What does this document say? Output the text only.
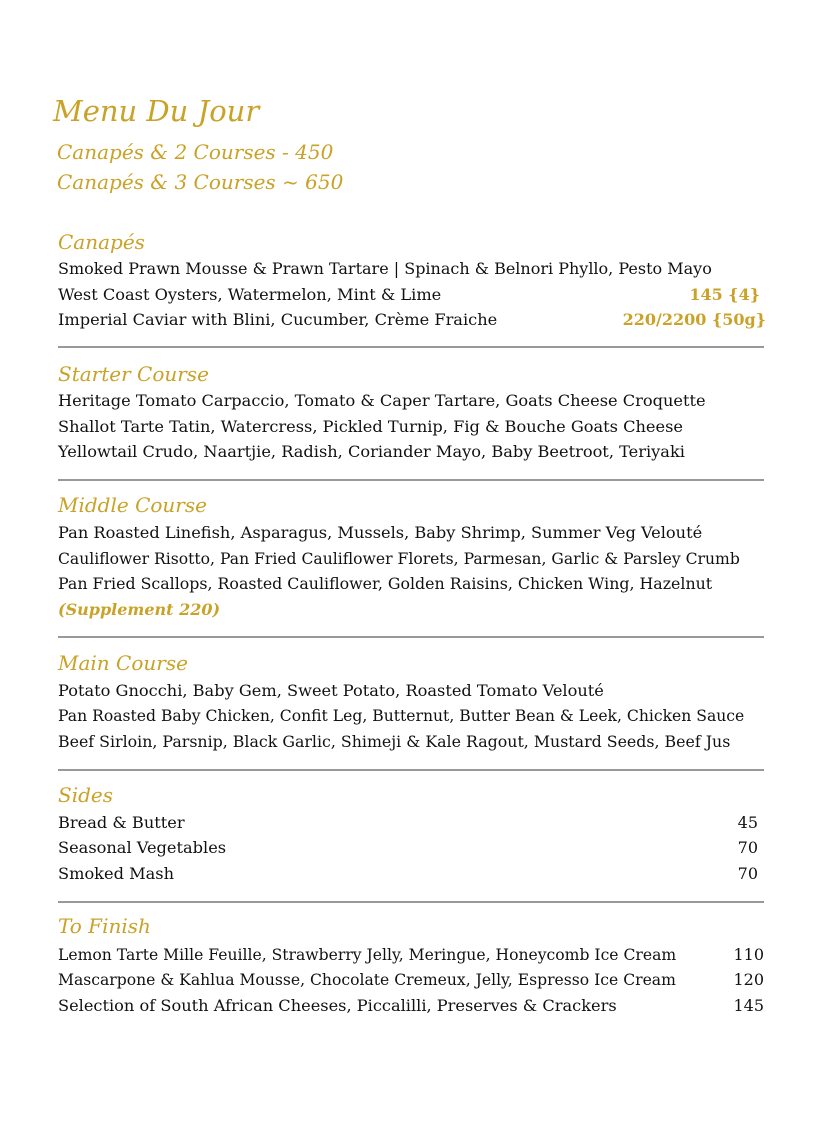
Menu Du Jour
Canapés & 2 Courses - 450
Canapés & 3 Courses ~ 650
Canapés
Smoked Prawn Mousse & Prawn Tartare | Spinach & Belnori Phyllo, Pesto Mayo
West Coast Oysters, Watermelon, Mint & Lime	145 {4}
Imperial Caviar with Blini, Cucumber, Crème Fraiche	220/2200 {50g}
Starter Course
Heritage Tomato Carpaccio, Tomato & Caper Tartare, Goats Cheese Croquette
Shallot Tarte Tatin, Watercress, Pickled Turnip, Fig & Bouche Goats Cheese
Yellowtail Crudo, Naartjie, Radish, Coriander Mayo, Baby Beetroot, Teriyaki
Middle Course
Pan Roasted Linefish, Asparagus, Mussels, Baby Shrimp, Summer Veg Velouté
Cauliflower Risotto, Pan Fried Cauliflower Florets, Parmesan, Garlic & Parsley Crumb
Pan Fried Scallops, Roasted Cauliflower, Golden Raisins, Chicken Wing, Hazelnut
(Supplement 220)
Main Course
Potato Gnocchi, Baby Gem, Sweet Potato, Roasted Tomato Velouté
Pan Roasted Baby Chicken, Confit Leg, Butternut, Butter Bean & Leek, Chicken Sauce
Beef Sirloin, Parsnip, Black Garlic, Shimeji & Kale Ragout, Mustard Seeds, Beef Jus
Sides
Bread & Butter	45
Seasonal Vegetables	70
Smoked Mash	70
To Finish
Lemon Tarte Mille Feuille, Strawberry Jelly, Meringue, Honeycomb Ice Cream	110
Mascarpone & Kahlua Mousse, Chocolate Cremeux, Jelly, Espresso Ice Cream	120
Selection of South African Cheeses, Piccalilli, Preserves & Crackers	145
